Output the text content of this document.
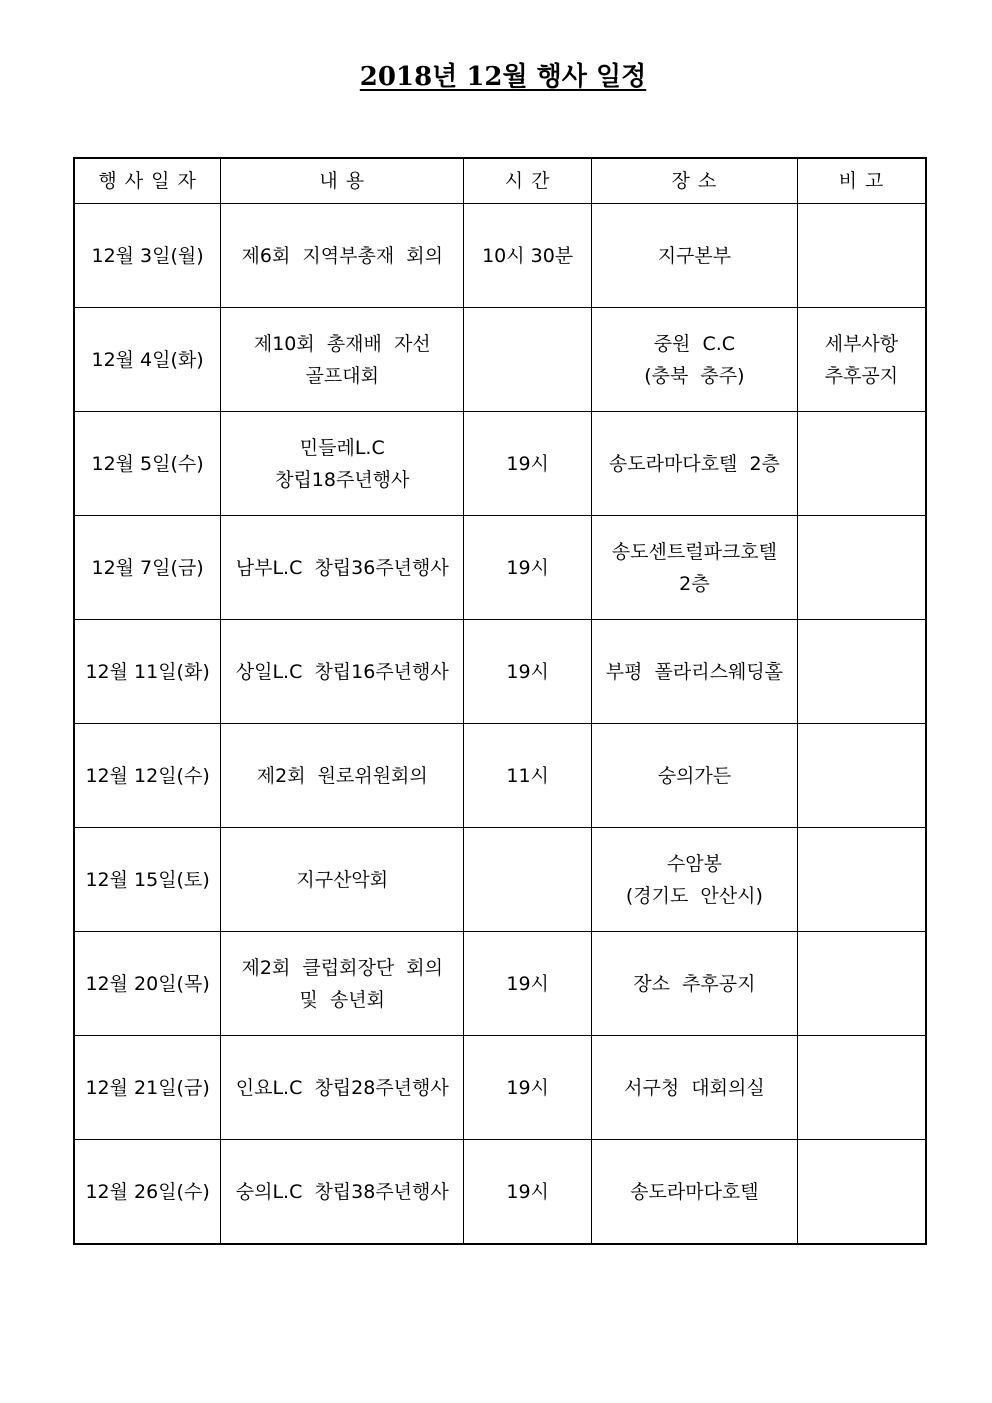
2018년 12월 행사 일정
행 사 일 자	내 용	시 간	장 소	비 고
12월 3일(월)	제6회  지역부총재  회의	10시 30분	지구본부	

12월 4일(화)	제10회  총재배  자선
골프대회		중원  C.C
(충북  충주)	세부사항
추후공지

12월 5일(수)	민들레L.C
창립18주년행사	19시	송도라마다호텔  2층	

12월 7일(금)	남부L.C  창립36주년행사	19시	송도센트럴파크호텔
2층	

12월 11일(화)	상일L.C  창립16주년행사	19시	부평  폴라리스웨딩홀	

12월 12일(수)	제2회  원로위원회의	11시	숭의가든	

12월 15일(토)	지구산악회		수암봉
(경기도  안산시)	

12월 20일(목)	제2회  클럽회장단  회의
및  송년회	19시	장소  추후공지	

12월 21일(금)	인요L.C  창립28주년행사	19시	서구청  대회의실	

12월 26일(수)	숭의L.C  창립38주년행사	19시	송도라마다호텔	
